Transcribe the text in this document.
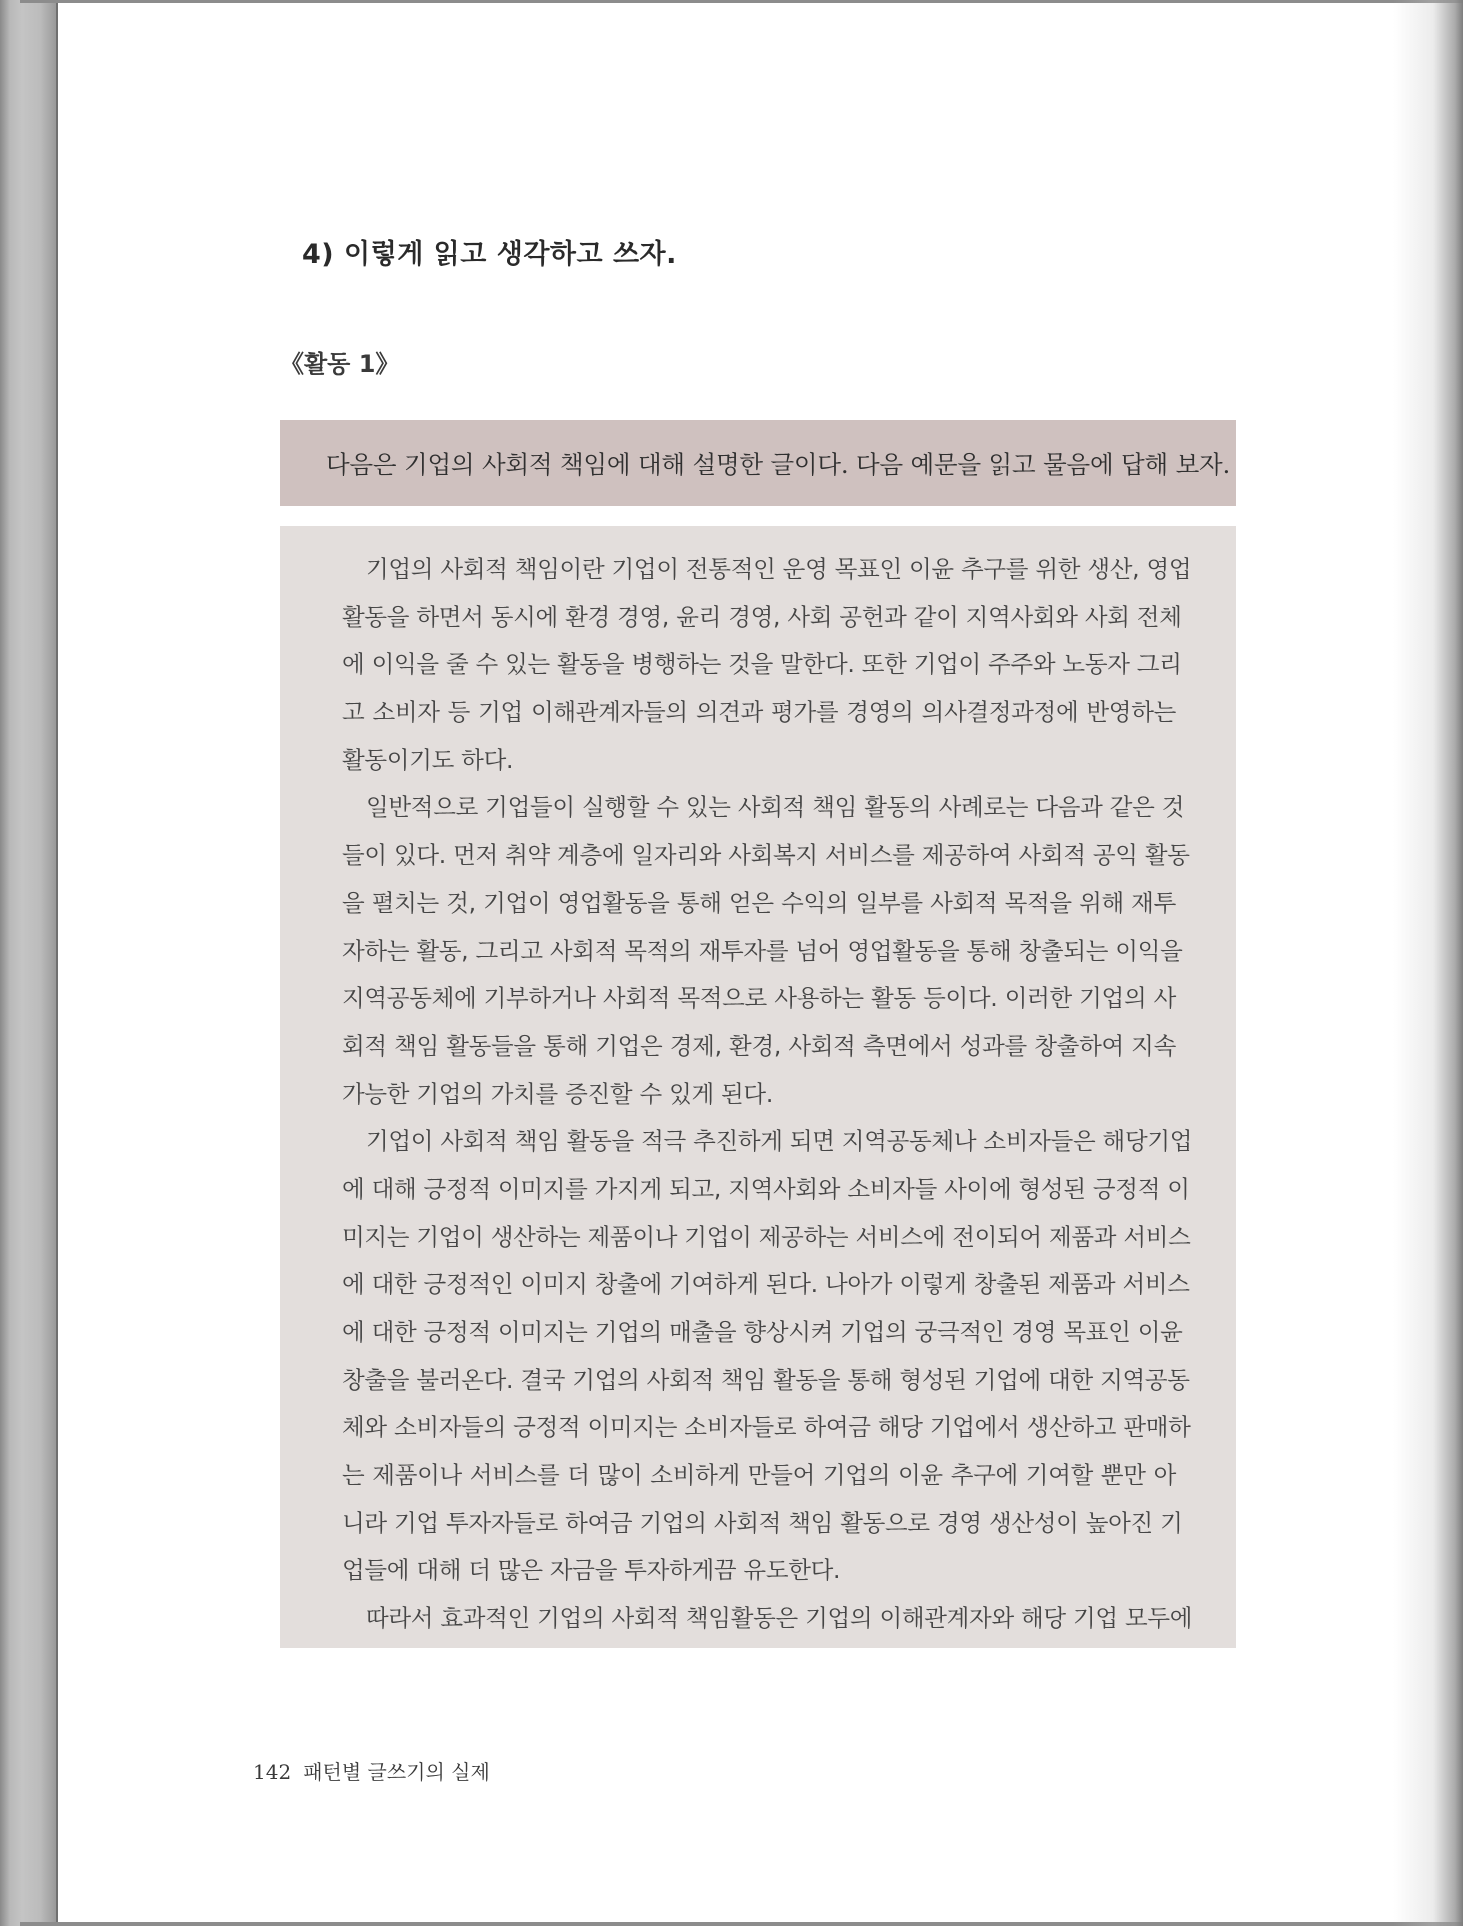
4) 이렇게 읽고 생각하고 쓰자.
《활동 1》
다음은 기업의 사회적 책임에 대해 설명한 글이다. 다음 예문을 읽고 물음에 답해 보자.
기업의 사회적 책임이란 기업이 전통적인 운영 목표인 이윤 추구를 위한 생산, 영업
활동을 하면서 동시에 환경 경영, 윤리 경영, 사회 공헌과 같이 지역사회와 사회 전체
에 이익을 줄 수 있는 활동을 병행하는 것을 말한다. 또한 기업이 주주와 노동자 그리
고 소비자 등 기업 이해관계자들의 의견과 평가를 경영의 의사결정과정에 반영하는
활동이기도 하다.
일반적으로 기업들이 실행할 수 있는 사회적 책임 활동의 사례로는 다음과 같은 것
들이 있다. 먼저 취약 계층에 일자리와 사회복지 서비스를 제공하여 사회적 공익 활동
을 펼치는 것, 기업이 영업활동을 통해 얻은 수익의 일부를 사회적 목적을 위해 재투
자하는 활동, 그리고 사회적 목적의 재투자를 넘어 영업활동을 통해 창출되는 이익을
지역공동체에 기부하거나 사회적 목적으로 사용하는 활동 등이다. 이러한 기업의 사
회적 책임 활동들을 통해 기업은 경제, 환경, 사회적 측면에서 성과를 창출하여 지속
가능한 기업의 가치를 증진할 수 있게 된다.
기업이 사회적 책임 활동을 적극 추진하게 되면 지역공동체나 소비자들은 해당기업
에 대해 긍정적 이미지를 가지게 되고, 지역사회와 소비자들 사이에 형성된 긍정적 이
미지는 기업이 생산하는 제품이나 기업이 제공하는 서비스에 전이되어 제품과 서비스
에 대한 긍정적인 이미지 창출에 기여하게 된다. 나아가 이렇게 창출된 제품과 서비스
에 대한 긍정적 이미지는 기업의 매출을 향상시켜 기업의 궁극적인 경영 목표인 이윤
창출을 불러온다. 결국 기업의 사회적 책임 활동을 통해 형성된 기업에 대한 지역공동
체와 소비자들의 긍정적 이미지는 소비자들로 하여금 해당 기업에서 생산하고 판매하
는 제품이나 서비스를 더 많이 소비하게 만들어 기업의 이윤 추구에 기여할 뿐만 아
니라 기업 투자자들로 하여금 기업의 사회적 책임 활동으로 경영 생산성이 높아진 기
업들에 대해 더 많은 자금을 투자하게끔 유도한다.
따라서 효과적인 기업의 사회적 책임활동은 기업의 이해관계자와 해당 기업 모두에
142 패턴별 글쓰기의 실제
